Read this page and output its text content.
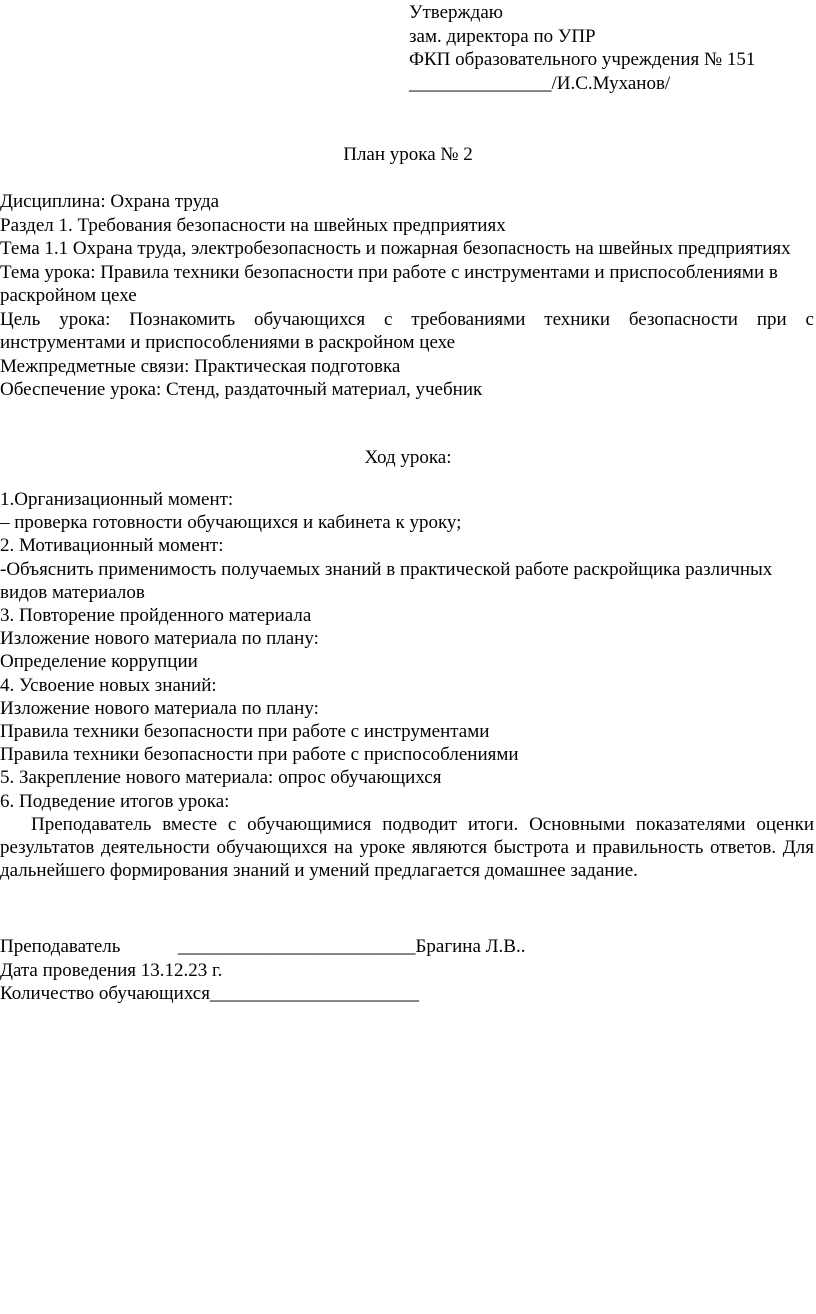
Утверждаю
зам. директора по УПР
ФКП образовательного учреждения № 151
_______________/И.С.Муханов/
План урока № 2
Дисциплина: Охрана труда
Раздел 1. Требования безопасности на швейных предприятиях
Тема 1.1 Охрана труда, электробезопасность и пожарная безопасность на швейных предприятиях
Тема урока: Правила техники безопасности при работе с инструментами и приспособлениями в раскройном цехе
Цель урока: Познакомить обучающихся с требованиями техники безопасности при с инструментами и приспособлениями в раскройном цехе
Межпредметные связи: Практическая подготовка
Обеспечение урока: Стенд, раздаточный материал, учебник
Ход урока:
1.Организационный момент:
– проверка готовности обучающихся и кабинета к уроку;
2. Мотивационный момент:
-Объяснить применимость получаемых знаний в практической работе раскройщика различных видов материалов
3. Повторение пройденного материала
Изложение нового материала по плану:
Определение коррупции
4. Усвоение новых знаний:
Изложение нового материала по плану:
Правила техники безопасности при работе с инструментами
Правила техники безопасности при работе с приспособлениями
5. Закрепление нового материала: опрос обучающихся
6. Подведение итогов урока:
Преподаватель вместе с обучающимися подводит итоги. Основными показателями оценки результатов деятельности обучающихся на уроке являются быстрота и правильность ответов. Для дальнейшего формирования знаний и умений предлагается домашнее задание.
Преподаватель	_________________________Брагина Л.В..
Дата проведения 13.12.23 г.
Количество обучающихся______________________
